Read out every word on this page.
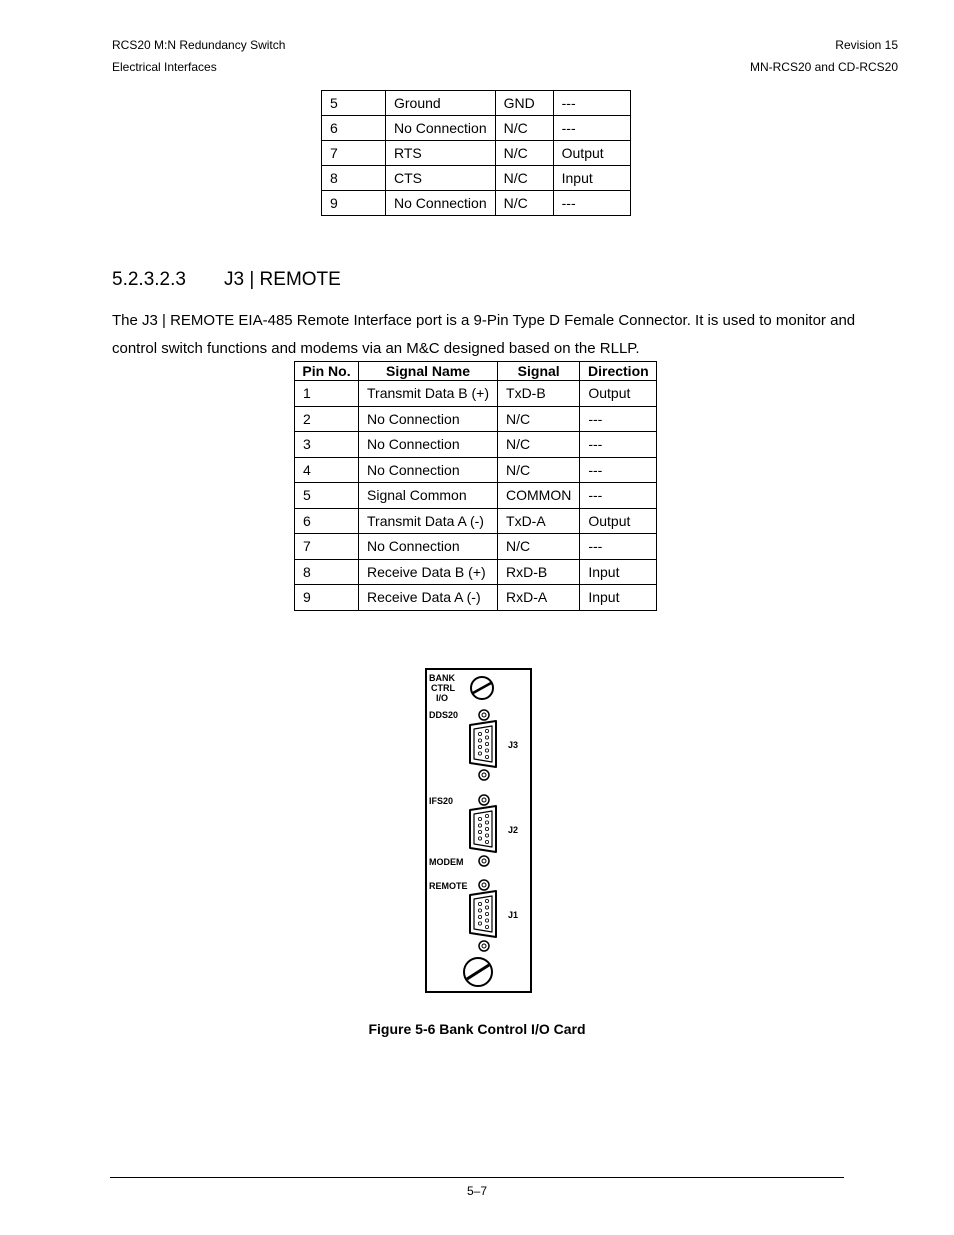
RCS20 M:N Redundancy Switch
Electrical Interfaces
Revision 15
MN-RCS20 and CD-RCS20
5	Ground	GND	---
6	No Connection	N/C	---
7	RTS	N/C	Output
8	CTS	N/C	Input
9	No Connection	N/C	---
5.2.3.2.3 J3 | REMOTE
The J3 | REMOTE EIA-485 Remote Interface port is a 9-Pin Type D Female Connector. It is used to monitor and control switch functions and modems via an M&C designed based on the RLLP.
Pin No.	Signal Name	Signal	Direction
1	Transmit Data B (+)	TxD-B	Output
2	No Connection	N/C	---
3	No Connection	N/C	---
4	No Connection	N/C	---
5	Signal Common	COMMON	---
6	Transmit Data A (-)	TxD-A	Output
7	No Connection	N/C	---
8	Receive Data B (+)	RxD-B	Input
9	Receive Data A (-)	RxD-A	Input
BANK
CTRL
I/O
DDS20
J3
IFS20
J2
MODEM
REMOTE
J1
Figure 5-6 Bank Control I/O Card
5–7
